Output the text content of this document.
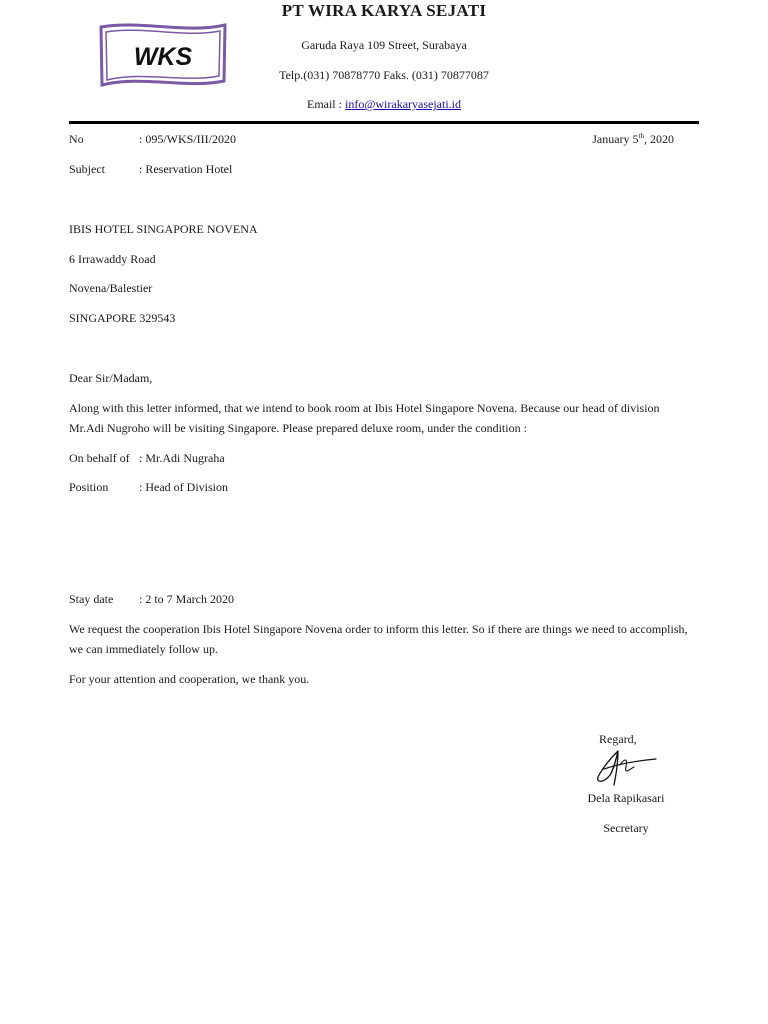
WKS
PT WIRA KARYA SEJATI
Garuda Raya 109 Street, Surabaya
Telp.(031) 70878770 Faks. (031) 70877087
Email : info@wirakaryasejati.id
No	: 095/WKS/III/2020	January 5th, 2020
Subject	: Reservation Hotel
IBIS HOTEL SINGAPORE NOVENA
6 Irrawaddy Road
Novena/Balestier
SINGAPORE 329543
Dear Sir/Madam,
Along with this letter informed, that we intend to book room at Ibis Hotel Singapore Novena. Because our head of division Mr.Adi Nugroho will be visiting Singapore. Please prepared deluxe room, under the condition :
On behalf of : Mr.Adi Nugraha
Position	: Head of Division
Stay date : 2 to 7 March 2020
We request the cooperation Ibis Hotel Singapore Novena order to inform this letter. So if there are things we need to accomplish, we can immediately follow up.
For your attention and cooperation, we thank you.
Regard,
Dela Rapikasari
Secretary
